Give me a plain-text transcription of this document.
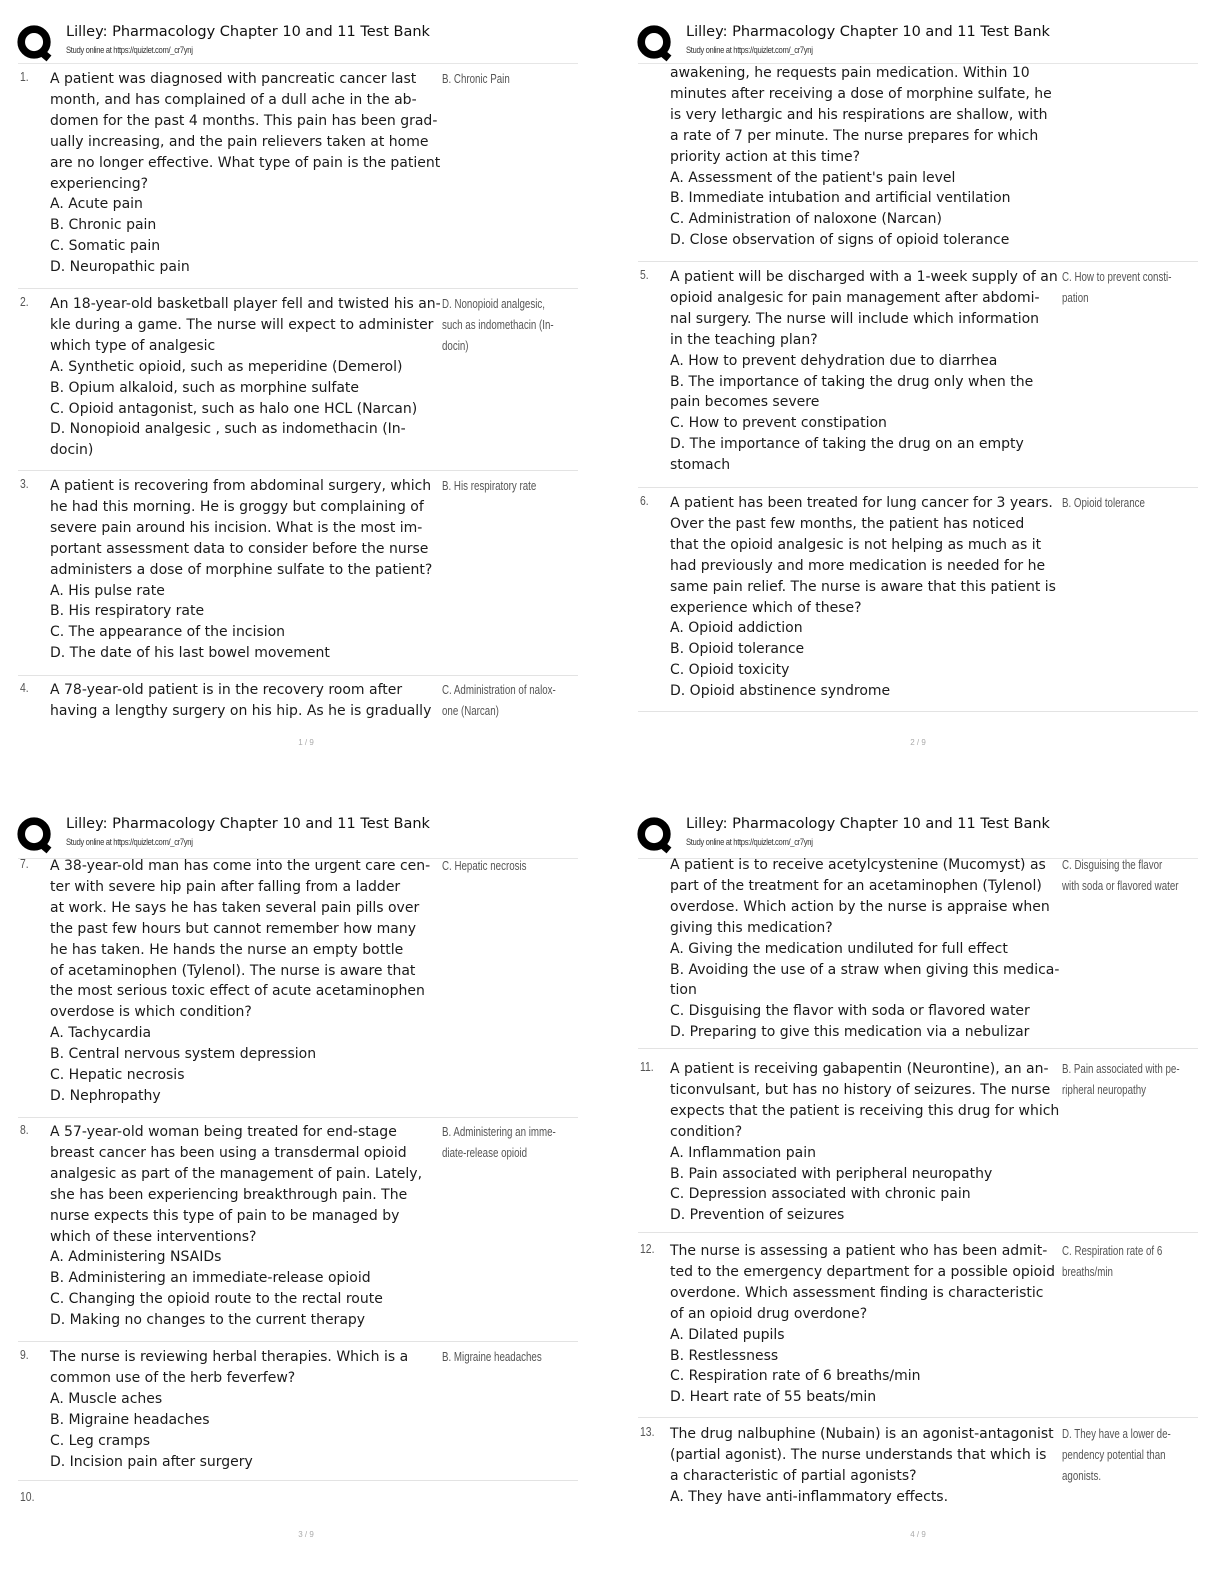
Lilley: Pharmacology Chapter 10 and 11 Test Bank
Study online at https://quizlet.com/_cr7ynj
1. A patient was diagnosed with pancreatic cancer last
month, and has complained of a dull ache in the ab-
domen for the past 4 months. This pain has been grad-
ually increasing, and the pain relievers taken at home
are no longer effective. What type of pain is the patient
experiencing?
A. Acute pain
B. Chronic pain
C. Somatic pain
D. Neuropathic pain
B. Chronic Pain
2. An 18-year-old basketball player fell and twisted his an-
kle during a game. The nurse will expect to administer
which type of analgesic
A. Synthetic opioid, such as meperidine (Demerol)
B. Opium alkaloid, such as morphine sulfate
C. Opioid antagonist, such as halo one HCL (Narcan)
D. Nonopioid analgesic , such as indomethacin (In-
docin)
D. Nonopioid analgesic,
such as indomethacin (In-
docin)
3. A patient is recovering from abdominal surgery, which
he had this morning. He is groggy but complaining of
severe pain around his incision. What is the most im-
portant assessment data to consider before the nurse
administers a dose of morphine sulfate to the patient?
A. His pulse rate
B. His respiratory rate
C. The appearance of the incision
D. The date of his last bowel movement
B. His respiratory rate
4. A 78-year-old patient is in the recovery room after
having a lengthy surgery on his hip. As he is gradually
C. Administration of nalox-
one (Narcan)
1 / 9
Lilley: Pharmacology Chapter 10 and 11 Test Bank
Study online at https://quizlet.com/_cr7ynj
awakening, he requests pain medication. Within 10
minutes after receiving a dose of morphine sulfate, he
is very lethargic and his respirations are shallow, with
a rate of 7 per minute. The nurse prepares for which
priority action at this time?
A. Assessment of the patient's pain level
B. Immediate intubation and artificial ventilation
C. Administration of naloxone (Narcan)
D. Close observation of signs of opioid tolerance
5. A patient will be discharged with a 1-week supply of an
opioid analgesic for pain management after abdomi-
nal surgery. The nurse will include which information
in the teaching plan?
A. How to prevent dehydration due to diarrhea
B. The importance of taking the drug only when the
pain becomes severe
C. How to prevent constipation
D. The importance of taking the drug on an empty
stomach
C. How to prevent consti-
pation
6. A patient has been treated for lung cancer for 3 years.
Over the past few months, the patient has noticed
that the opioid analgesic is not helping as much as it
had previously and more medication is needed for he
same pain relief. The nurse is aware that this patient is
experience which of these?
A. Opioid addiction
B. Opioid tolerance
C. Opioid toxicity
D. Opioid abstinence syndrome
B. Opioid tolerance
2 / 9
Lilley: Pharmacology Chapter 10 and 11 Test Bank
Study online at https://quizlet.com/_cr7ynj
7. A 38-year-old man has come into the urgent care cen-
ter with severe hip pain after falling from a ladder
at work. He says he has taken several pain pills over
the past few hours but cannot remember how many
he has taken. He hands the nurse an empty bottle
of acetaminophen (Tylenol). The nurse is aware that
the most serious toxic effect of acute acetaminophen
overdose is which condition?
A. Tachycardia
B. Central nervous system depression
C. Hepatic necrosis
D. Nephropathy
C. Hepatic necrosis
8. A 57-year-old woman being treated for end-stage
breast cancer has been using a transdermal opioid
analgesic as part of the management of pain. Lately,
she has been experiencing breakthrough pain. The
nurse expects this type of pain to be managed by
which of these interventions?
A. Administering NSAIDs
B. Administering an immediate-release opioid
C. Changing the opioid route to the rectal route
D. Making no changes to the current therapy
B. Administering an imme-
diate-release opioid
9. The nurse is reviewing herbal therapies. Which is a
common use of the herb feverfew?
A. Muscle aches
B. Migraine headaches
C. Leg cramps
D. Incision pain after surgery
B. Migraine headaches
10.
3 / 9
Lilley: Pharmacology Chapter 10 and 11 Test Bank
Study online at https://quizlet.com/_cr7ynj
A patient is to receive acetylcystenine (Mucomyst) as
part of the treatment for an acetaminophen (Tylenol)
overdose. Which action by the nurse is appraise when
giving this medication?
A. Giving the medication undiluted for full effect
B. Avoiding the use of a straw when giving this medica-
tion
C. Disguising the flavor with soda or flavored water
D. Preparing to give this medication via a nebulizar
C. Disguising the flavor
with soda or flavored water
11. A patient is receiving gabapentin (Neurontine), an an-
ticonvulsant, but has no history of seizures. The nurse
expects that the patient is receiving this drug for which
condition?
A. Inflammation pain
B. Pain associated with peripheral neuropathy
C. Depression associated with chronic pain
D. Prevention of seizures
B. Pain associated with pe-
ripheral neuropathy
12. The nurse is assessing a patient who has been admit-
ted to the emergency department for a possible opioid
overdone. Which assessment finding is characteristic
of an opioid drug overdone?
A. Dilated pupils
B. Restlessness
C. Respiration rate of 6 breaths/min
D. Heart rate of 55 beats/min
C. Respiration rate of 6
breaths/min
13. The drug nalbuphine (Nubain) is an agonist-antagonist
(partial agonist). The nurse understands that which is
a characteristic of partial agonists?
A. They have anti-inflammatory effects.
D. They have a lower de-
pendency potential than
agonists.
4 / 9
